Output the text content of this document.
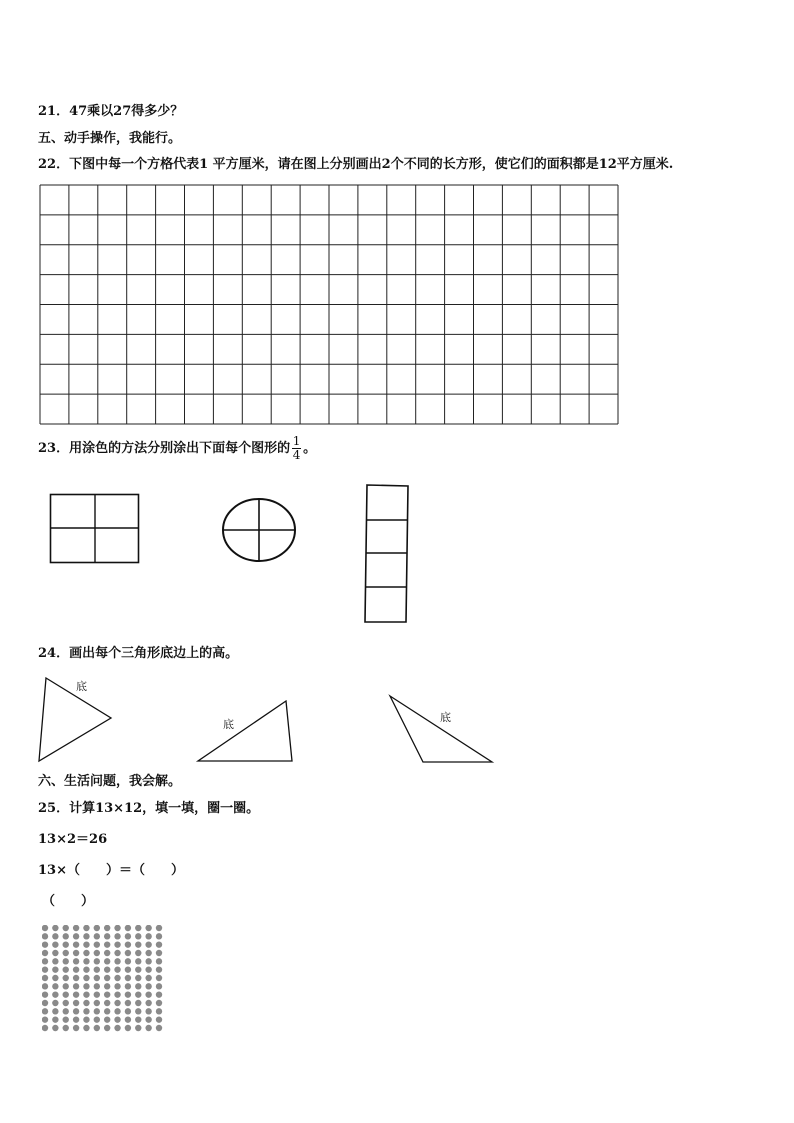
21．47乘以27得多少？
五、动手操作，我能行。
22．下图中每一个方格代表1 平方厘米，请在图上分别画出2个不同的长方形，使它们的面积都是12平方厘米.
23．用涂色的方法分别涂出下面每个图形的 $\frac{1}{4}$ 。
24．画出每个三角形底边上的高。
底
底
底
六、生活问题，我会解。
25．计算13×12，填一填，圈一圈。
13×2＝26
13×（　　）＝（　　）
（　　）
